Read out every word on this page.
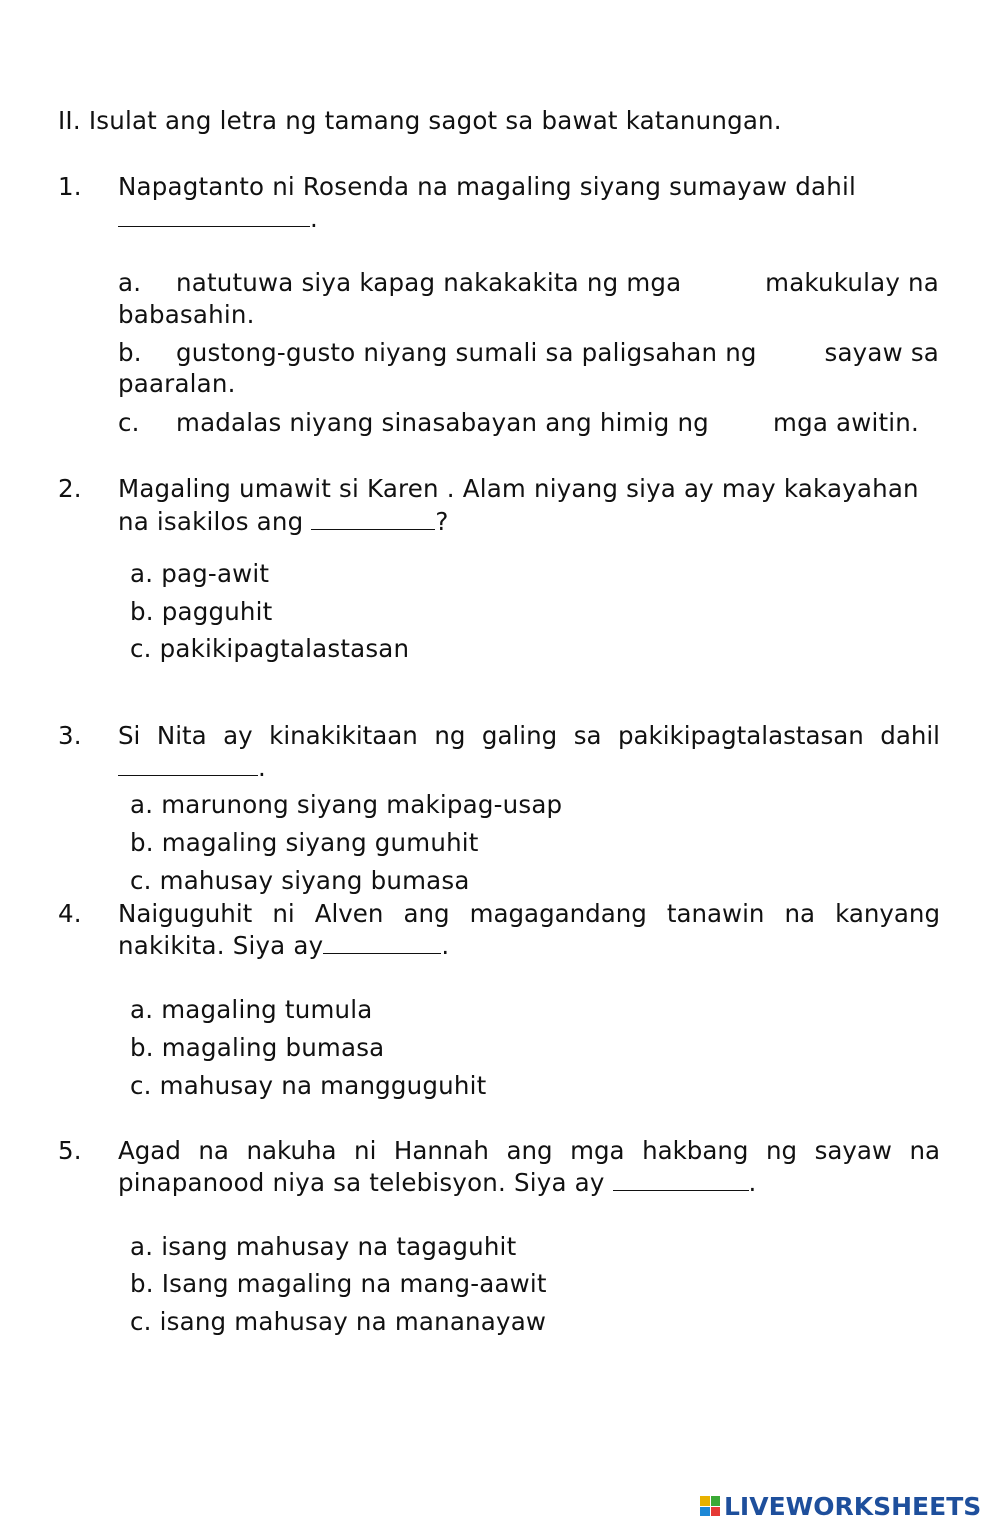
II. Isulat ang letra ng tamang sagot sa bawat katanungan.
1. Napagtanto ni Rosenda na magaling siyang sumayaw dahil
.
a. natutuwa siya kapag nakakakita ng mga	makukulay na
babasahin.
b. gustong-gusto niyang sumali sa paligsahan ng	sayaw sa
paaralan.
c. madalas niyang sinasabayan ang himig ng	mga awitin.
2. Magaling umawit si Karen . Alam niyang siya ay may kakayahan
na isakilos ang	?
a. pag-awit
b. pagguhit
c. pakikipagtalastasan
3. Si Nita ay kinakikitaan ng galing sa pakikipagtalastasan dahil
.
a. marunong siyang makipag-usap
b. magaling siyang gumuhit
c. mahusay siyang bumasa
4. Naiguguhit ni Alven ang magagandang tanawin na kanyang
nakikita. Siya ay	.
a. magaling tumula
b. magaling bumasa
c. mahusay na mangguguhit
5. Agad na nakuha ni Hannah ang mga hakbang ng sayaw na
pinapanood niya sa telebisyon. Siya ay	.
a. isang mahusay na tagaguhit
b. Isang magaling na mang-aawit
c. isang mahusay na mananayaw
LIVEWORKSHEETS
